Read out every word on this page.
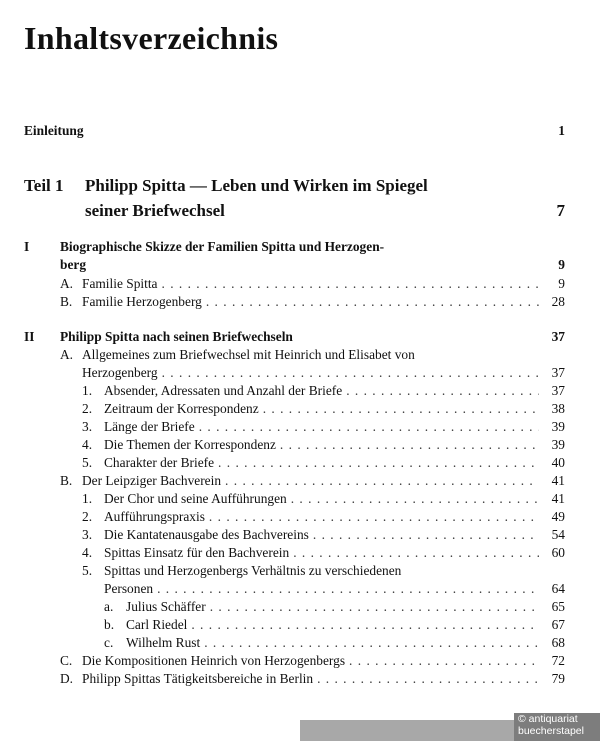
Inhaltsverzeichnis
Einleitung	1
Teil 1	Philipp Spitta — Leben und Wirken im Spiegel
seiner Briefwechsel	7
I	Biographische Skizze der Familien Spitta und Herzogen-
berg	9
A. Familie Spitta . . .	9
B. Familie Herzogenberg . . .	28
II	Philipp Spitta nach seinen Briefwechseln	37
A. Allgemeines zum Briefwechsel mit Heinrich und Elisabet von
Herzogenberg . . .	37
1. Absender, Adressaten und Anzahl der Briefe . . .	37
2. Zeitraum der Korrespondenz . . .	38
3. Länge der Briefe . . .	39
4. Die Themen der Korrespondenz . . .	39
5. Charakter der Briefe . . .	40
B. Der Leipziger Bachverein . . .	41
1. Der Chor und seine Aufführungen . . .	41
2. Aufführungspraxis . . .	49
3. Die Kantatenausgabe des Bachvereins . . .	54
4. Spittas Einsatz für den Bachverein . . .	60
5. Spittas und Herzogenbergs Verhältnis zu verschiedenen
Personen . . .	64
a. Julius Schäffer . . .	65
b. Carl Riedel . . .	67
c. Wilhelm Rust . . .	68
C. Die Kompositionen Heinrich von Herzogenbergs . . .	72
D. Philipp Spittas Tätigkeitsbereiche in Berlin . . .	79
© antiquariat
buecherstapel
